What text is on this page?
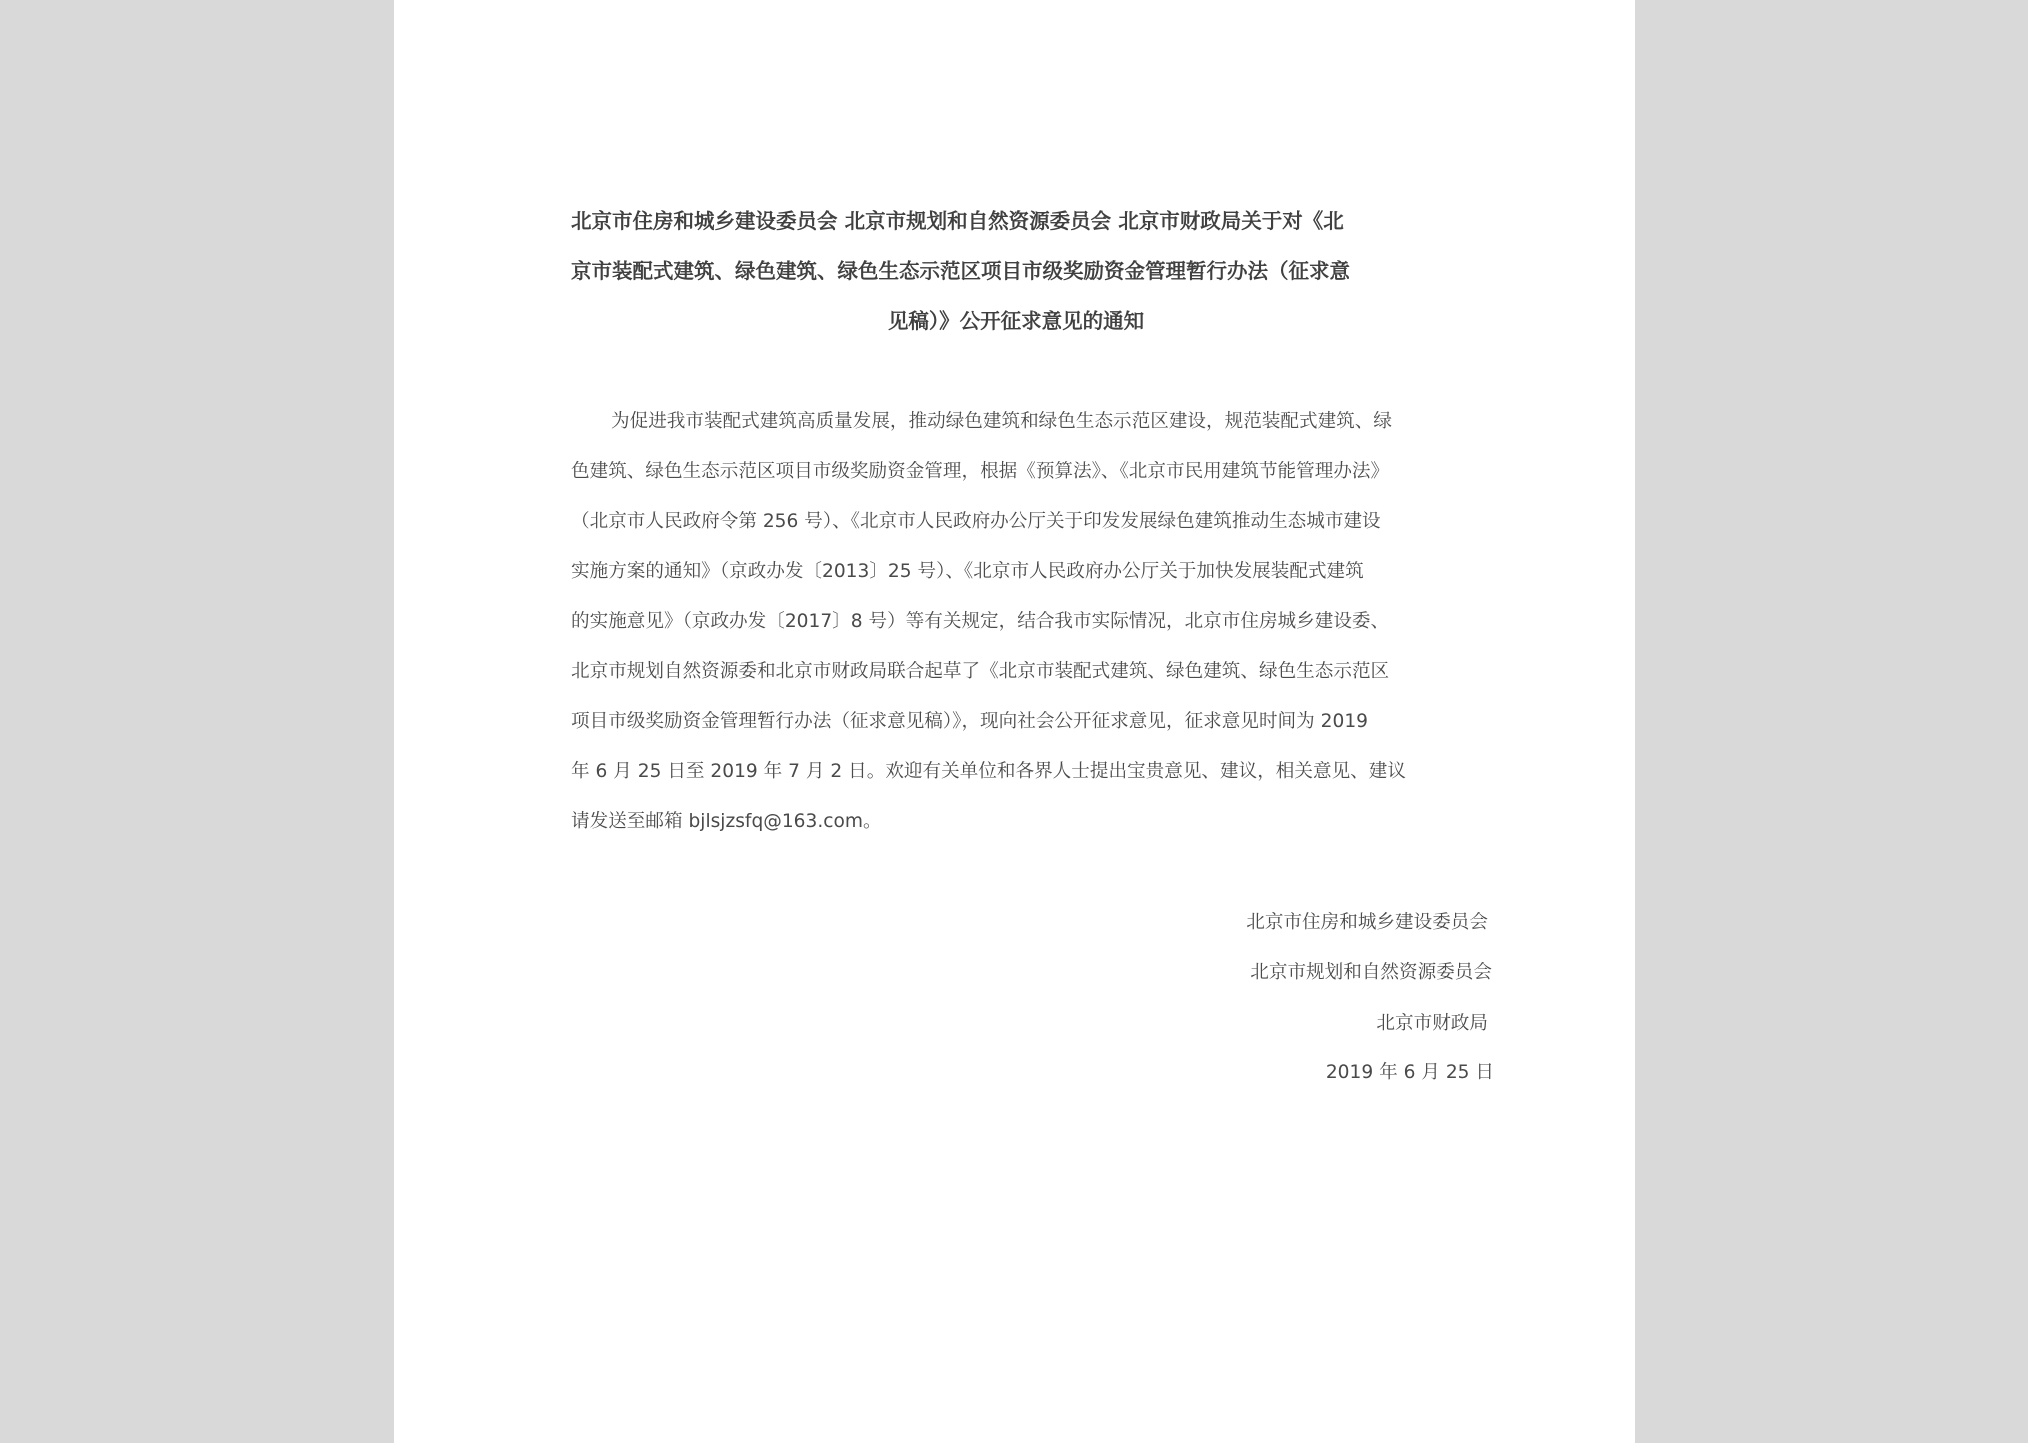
北京市住房和城乡建设委员会 北京市规划和自然资源委员会 北京市财政局关于对《北
京市装配式建筑、绿色建筑、绿色生态示范区项目市级奖励资金管理暂行办法（征求意
见稿）》公开征求意见的通知
为促进我市装配式建筑高质量发展，推动绿色建筑和绿色生态示范区建设，规范装配式建筑、绿
色建筑、绿色生态示范区项目市级奖励资金管理，根据《预算法》、《北京市民用建筑节能管理办法》
（北京市人民政府令第 256 号）、《北京市人民政府办公厅关于印发发展绿色建筑推动生态城市建设
实施方案的通知》（京政办发〔2013〕25 号）、《北京市人民政府办公厅关于加快发展装配式建筑
的实施意见》（京政办发〔2017〕8 号）等有关规定，结合我市实际情况，北京市住房城乡建设委、
北京市规划自然资源委和北京市财政局联合起草了《北京市装配式建筑、绿色建筑、绿色生态示范区
项目市级奖励资金管理暂行办法（征求意见稿）》，现向社会公开征求意见，征求意见时间为 2019
年 6 月 25 日至 2019 年 7 月 2 日。欢迎有关单位和各界人士提出宝贵意见、建议，相关意见、建议
请发送至邮箱 bjlsjzsfq@163.com。
北京市住房和城乡建设委员会
北京市规划和自然资源委员会
北京市财政局
2019 年 6 月 25 日
